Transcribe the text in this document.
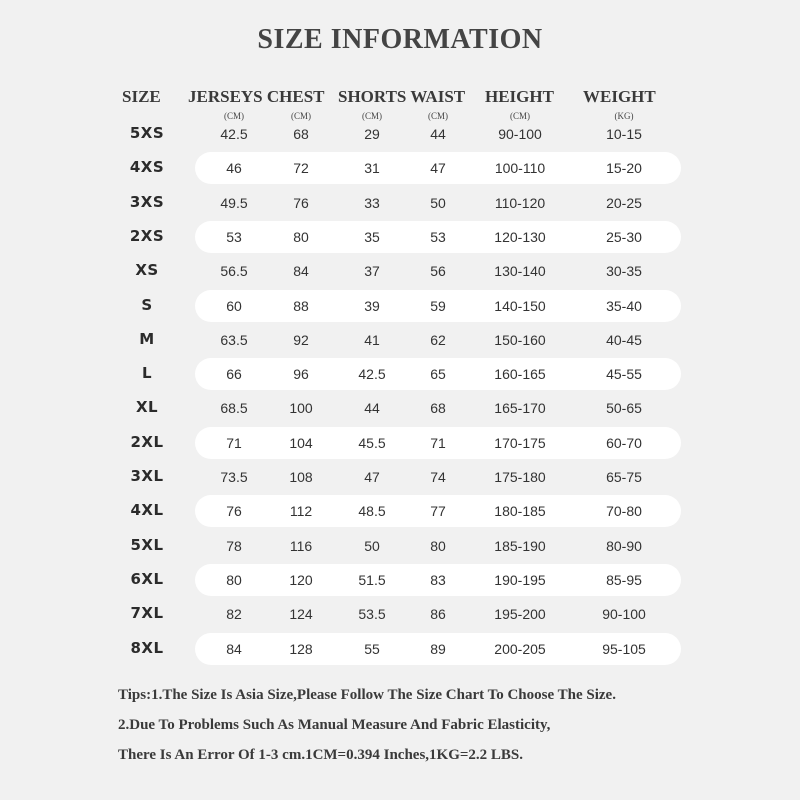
SIZE INFORMATION
SIZE JERSEYS CHEST SHORTS WAIST HEIGHT WEIGHT
(CM)	(CM)	(CM)	(CM)	(CM)	(KG)
5XS	42.5	68	29	44	90-100	10-15
4XS	46	72	31	47	100-110	15-20
3XS	49.5	76	33	50	110-120	20-25
2XS	53	80	35	53	120-130	25-30
XS	56.5	84	37	56	130-140	30-35
S	60	88	39	59	140-150	35-40
M	63.5	92	41	62	150-160	40-45
L	66	96	42.5	65	160-165	45-55
XL	68.5	100	44	68	165-170	50-65
2XL	71	104	45.5	71	170-175	60-70
3XL	73.5	108	47	74	175-180	65-75
4XL	76	112	48.5	77	180-185	70-80
5XL	78	116	50	80	185-190	80-90
6XL	80	120	51.5	83	190-195	85-95
7XL	82	124	53.5	86	195-200	90-100
8XL	84	128	55	89	200-205	95-105
Tips:1.The Size Is Asia Size,Please Follow The Size Chart To Choose The Size.
2.Due To Problems Such As Manual Measure And Fabric Elasticity,
There Is An Error Of 1-3 cm.1CM=0.394 Inches,1KG=2.2 LBS.
